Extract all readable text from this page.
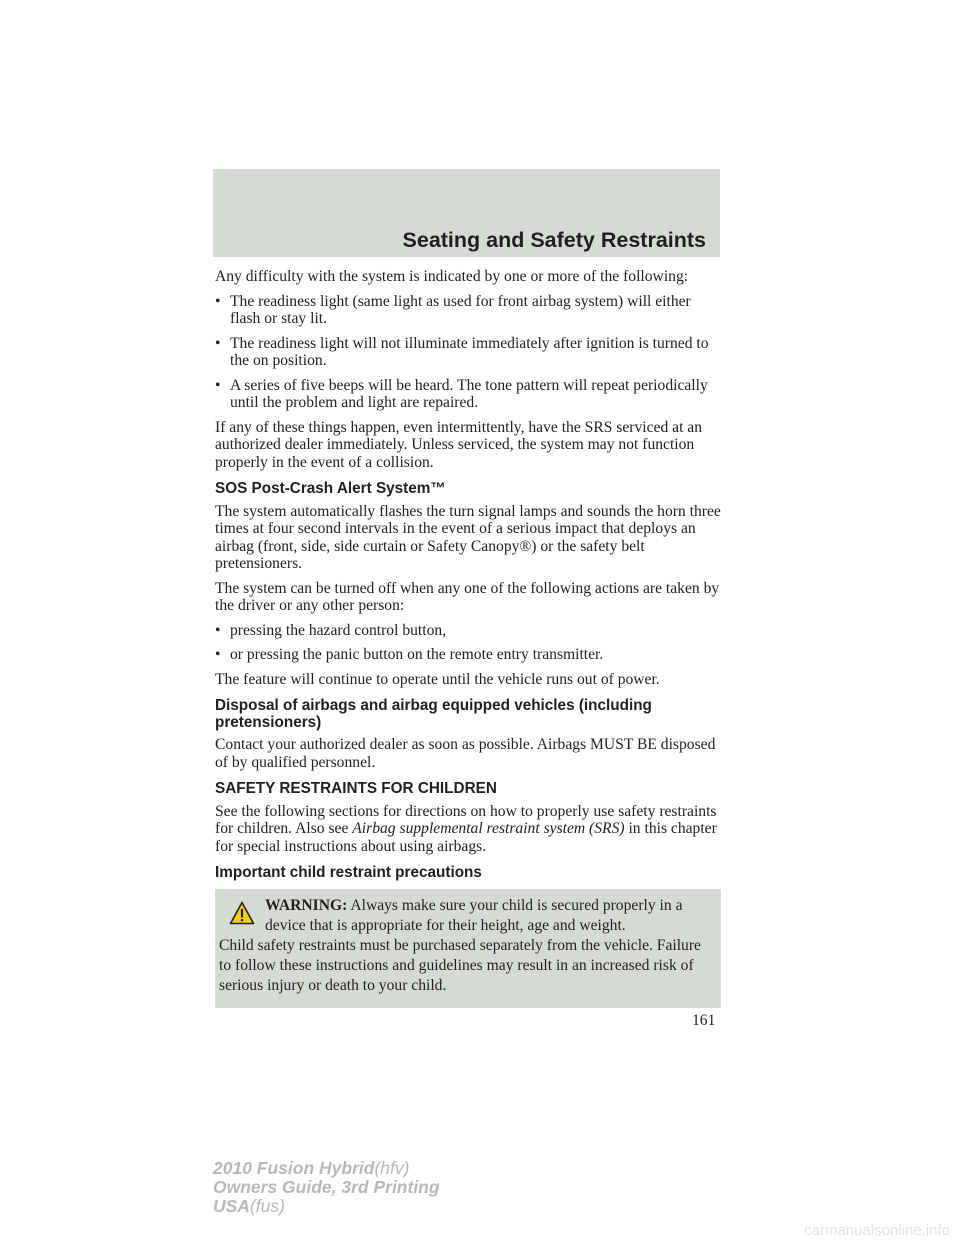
Seating and Safety Restraints

Any difficulty with the system is indicated by one or more of the following:

• The readiness light (same light as used for front airbag system) will either flash or stay lit.
• The readiness light will not illuminate immediately after ignition is turned to the on position.
• A series of five beeps will be heard. The tone pattern will repeat periodically until the problem and light are repaired.

If any of these things happen, even intermittently, have the SRS serviced at an authorized dealer immediately. Unless serviced, the system may not function properly in the event of a collision.

SOS Post-Crash Alert System™

The system automatically flashes the turn signal lamps and sounds the horn three times at four second intervals in the event of a serious impact that deploys an airbag (front, side, side curtain or Safety Canopy®) or the safety belt pretensioners.

The system can be turned off when any one of the following actions are taken by the driver or any other person:

• pressing the hazard control button,
• or pressing the panic button on the remote entry transmitter.

The feature will continue to operate until the vehicle runs out of power.

Disposal of airbags and airbag equipped vehicles (including pretensioners)

Contact your authorized dealer as soon as possible. Airbags MUST BE disposed of by qualified personnel.

SAFETY RESTRAINTS FOR CHILDREN

See the following sections for directions on how to properly use safety restraints for children. Also see Airbag supplemental restraint system (SRS) in this chapter for special instructions about using airbags.

Important child restraint precautions
WARNING: Always make sure your child is secured properly in a device that is appropriate for their height, age and weight.
Child safety restraints must be purchased separately from the vehicle. Failure to follow these instructions and guidelines may result in an increased risk of serious injury or death to your child.
161
2010 Fusion Hybrid(hfv)
Owners Guide, 3rd Printing
USA(fus)
carmanualsonline.info
